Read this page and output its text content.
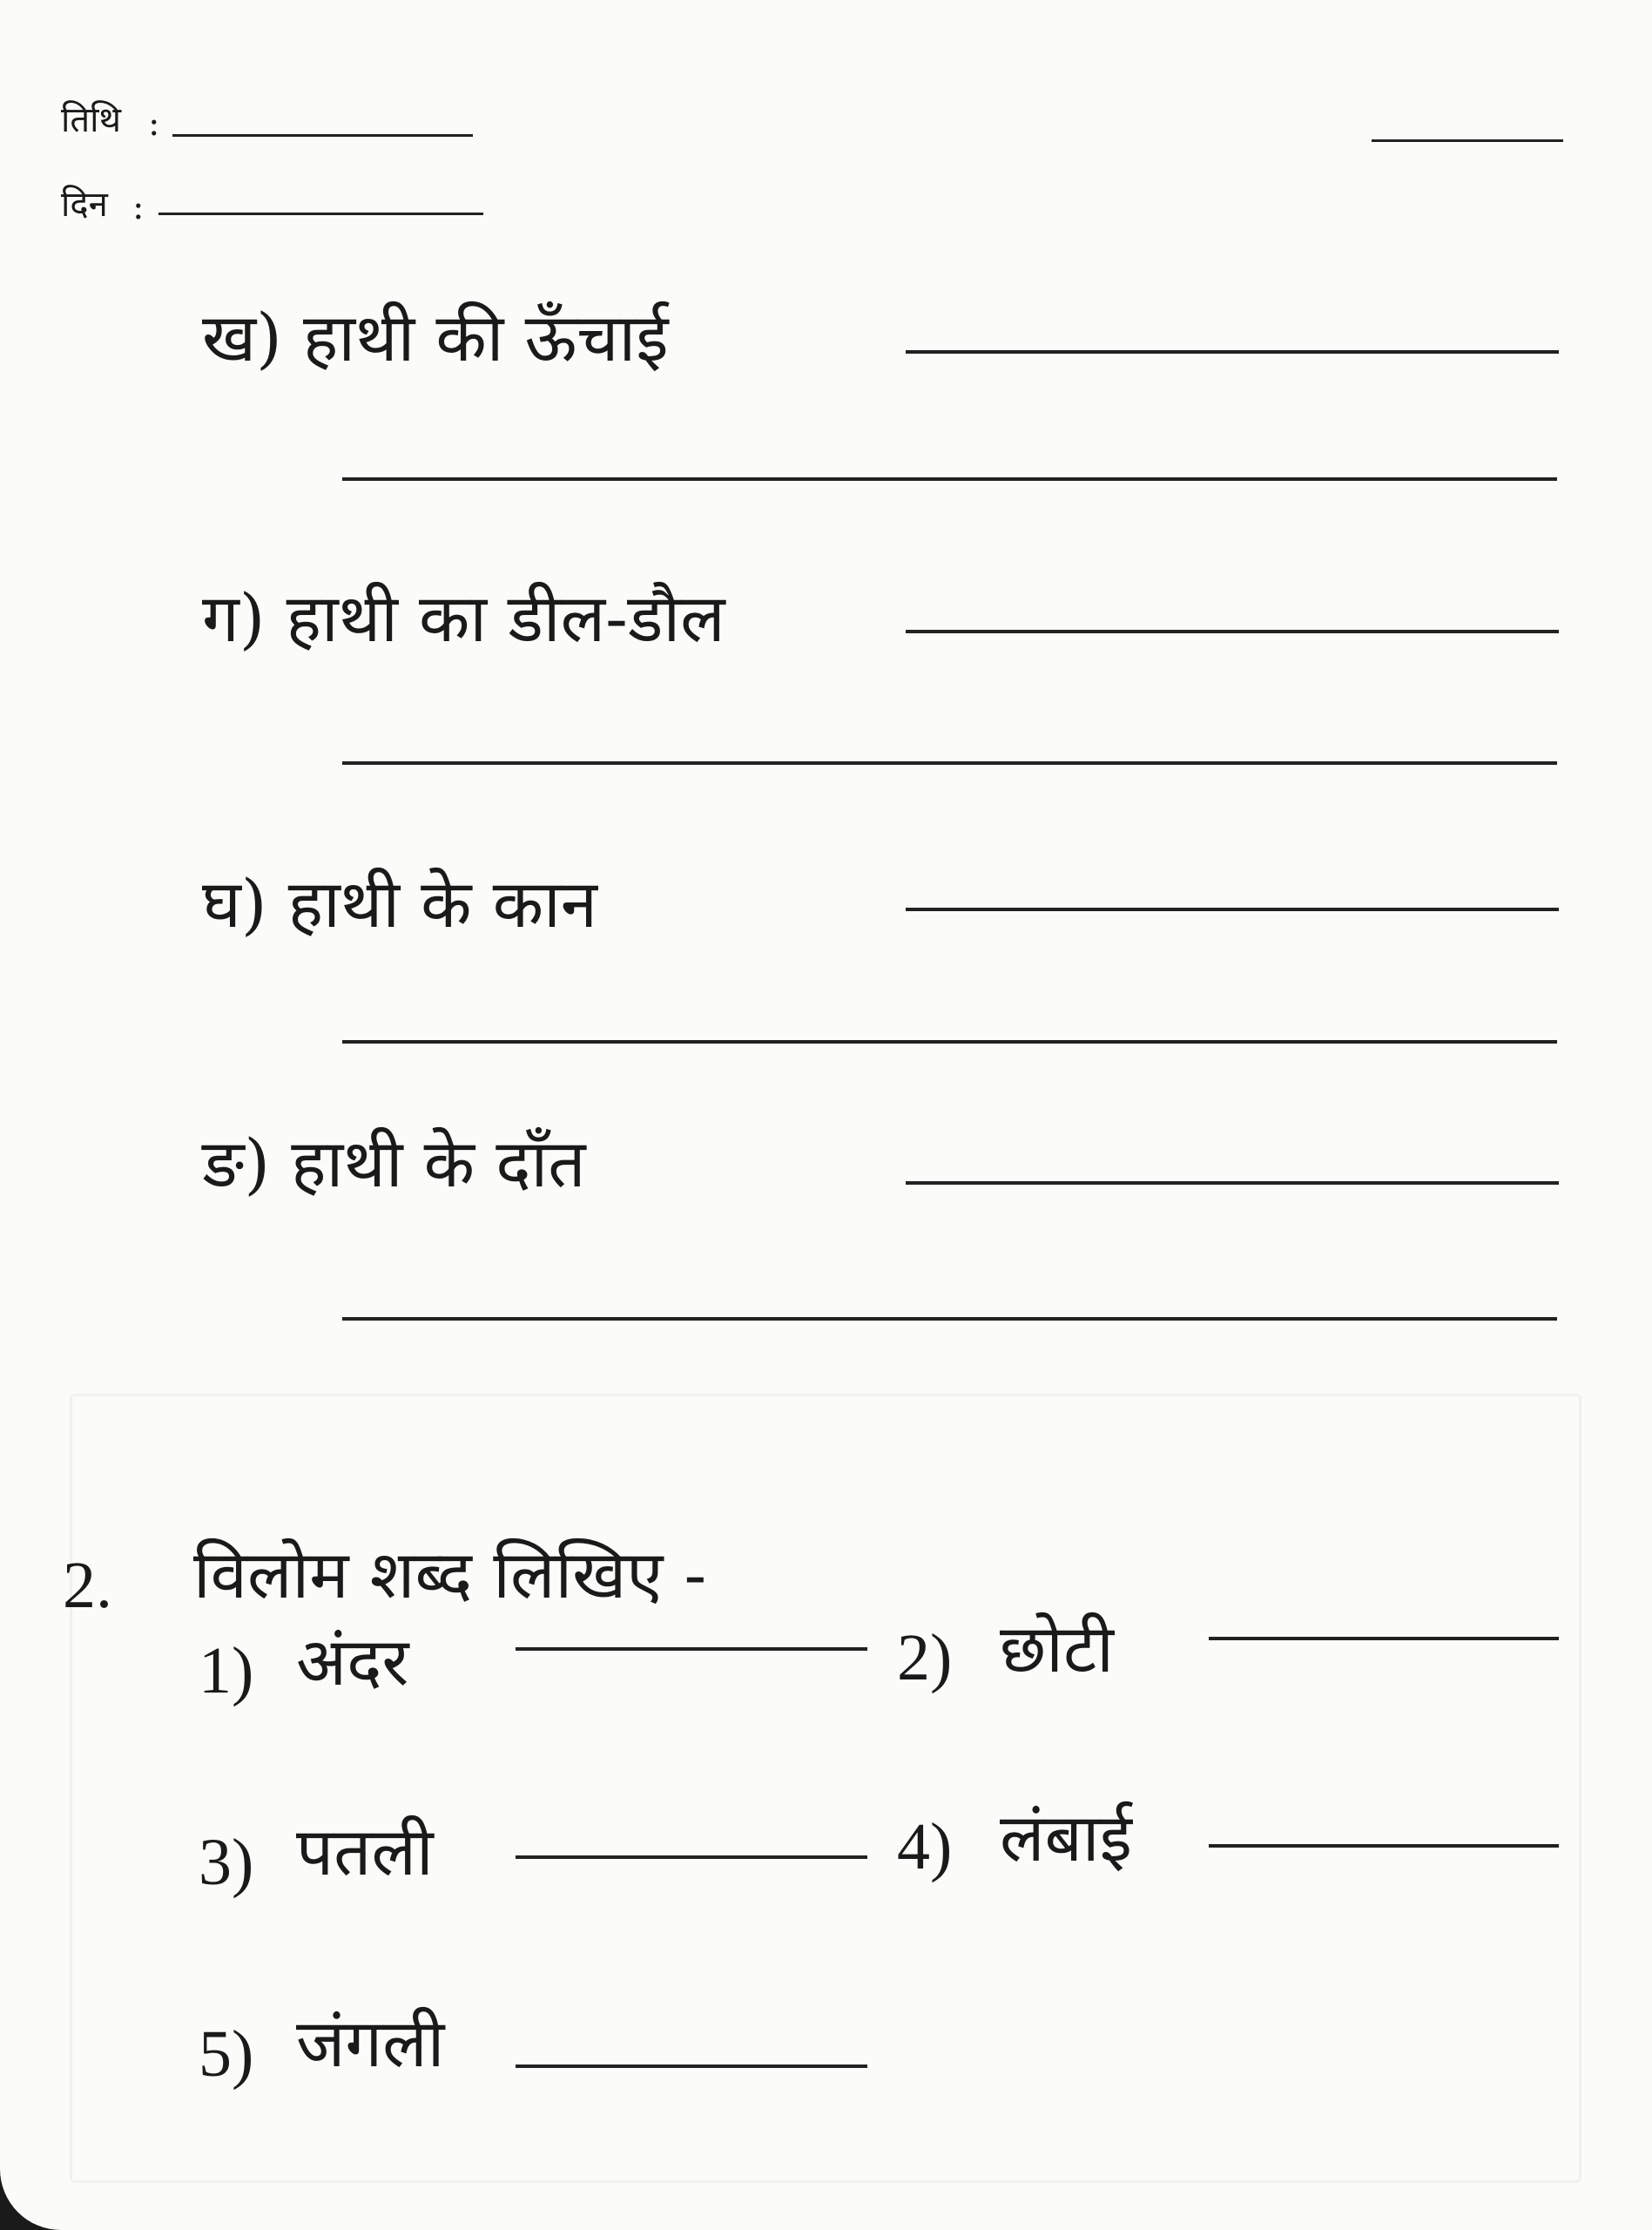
तिथि :
दिन :
ख) हाथी की ऊँचाई
ग) हाथी का डील-डौल
घ) हाथी के कान
ङ) हाथी के दाँत
2. विलोम शब्द लिखिए -
1) अंदर	2) छोटी
3) पतली	4) लंबाई
5) जंगली
